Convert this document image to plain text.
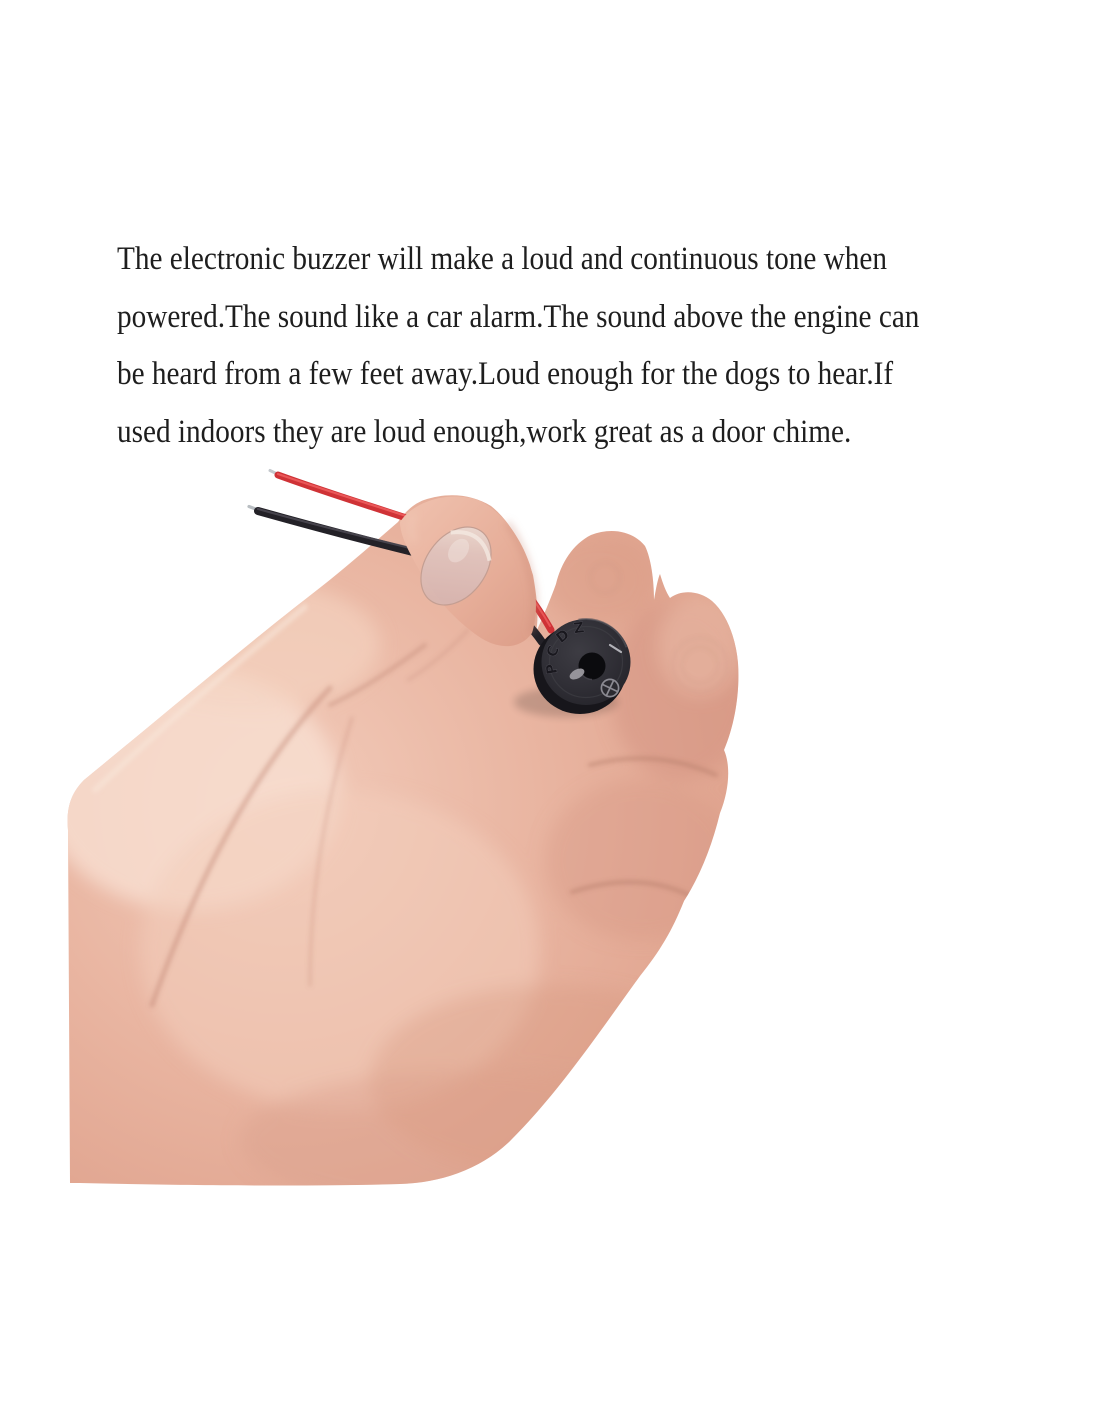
The electronic buzzer will make a loud and continuous tone when

powered.The sound like a car alarm.The sound above the engine can

be heard from a few feet away.Loud enough for the dogs to hear.If

used indoors they are loud enough,work great as a door chime.

PCDZ
